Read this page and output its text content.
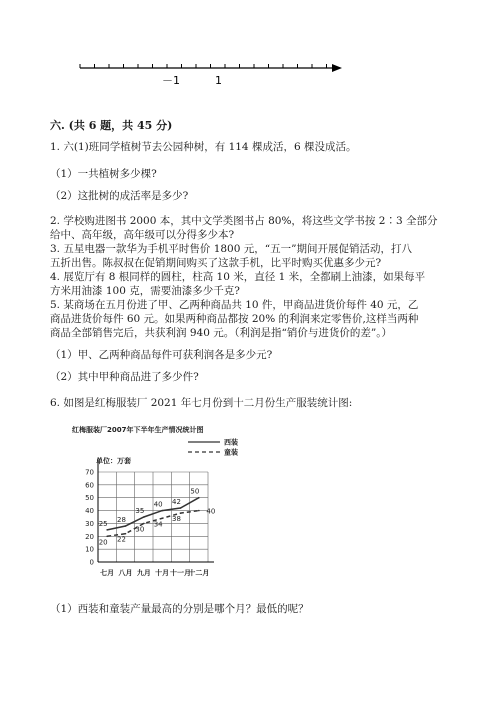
－1	1
六. (共 6 题，共 45 分)
1. 六(1)班同学植树节去公园种树，有 114 棵成活，6 棵没成活。
（1）一共植树多少棵?
（2）这批树的成活率是多少?
2. 学校购进图书 2000 本，其中文学类图书占 80%，将这些文学书按 2∶3 全部分
给中、高年级，高年级可以分得多少本?
3. 五星电器一款华为手机平时售价 1800 元，“五一”期间开展促销活动，打八
五折出售。陈叔叔在促销期间购买了这款手机，比平时购买优惠多少元?
4. 展览厅有 8 根同样的圆柱，柱高 10 米，直径 1 米，全都刷上油漆，如果每平
方米用油漆 100 克，需要油漆多少千克?
5. 某商场在五月份进了甲、乙两种商品共 10 件，甲商品进货价每件 40 元，乙
商品进货价每件 60 元。如果两种商品都按 20% 的利润来定零售价,这样当两种
商品全部销售完后，共获利润 940 元。（利润是指“销价与进货价的差”。）
（1）甲、乙两种商品每件可获利润各是多少元?
（2）其中甲种商品进了多少件?
6. 如图是红梅服装厂 2021 年七月份到十二月份生产服装统计图:
红梅服装厂2007年下半年生产情况统计图
0
10
20
30
40
50
60
70
七月 八月 九月 十月 十一月
十二月
单位：万套
25 28
35
40 42
50
20 22
30
34
38
40
西装
童装
（1）西装和童装产量最高的分别是哪个月？最低的呢？
